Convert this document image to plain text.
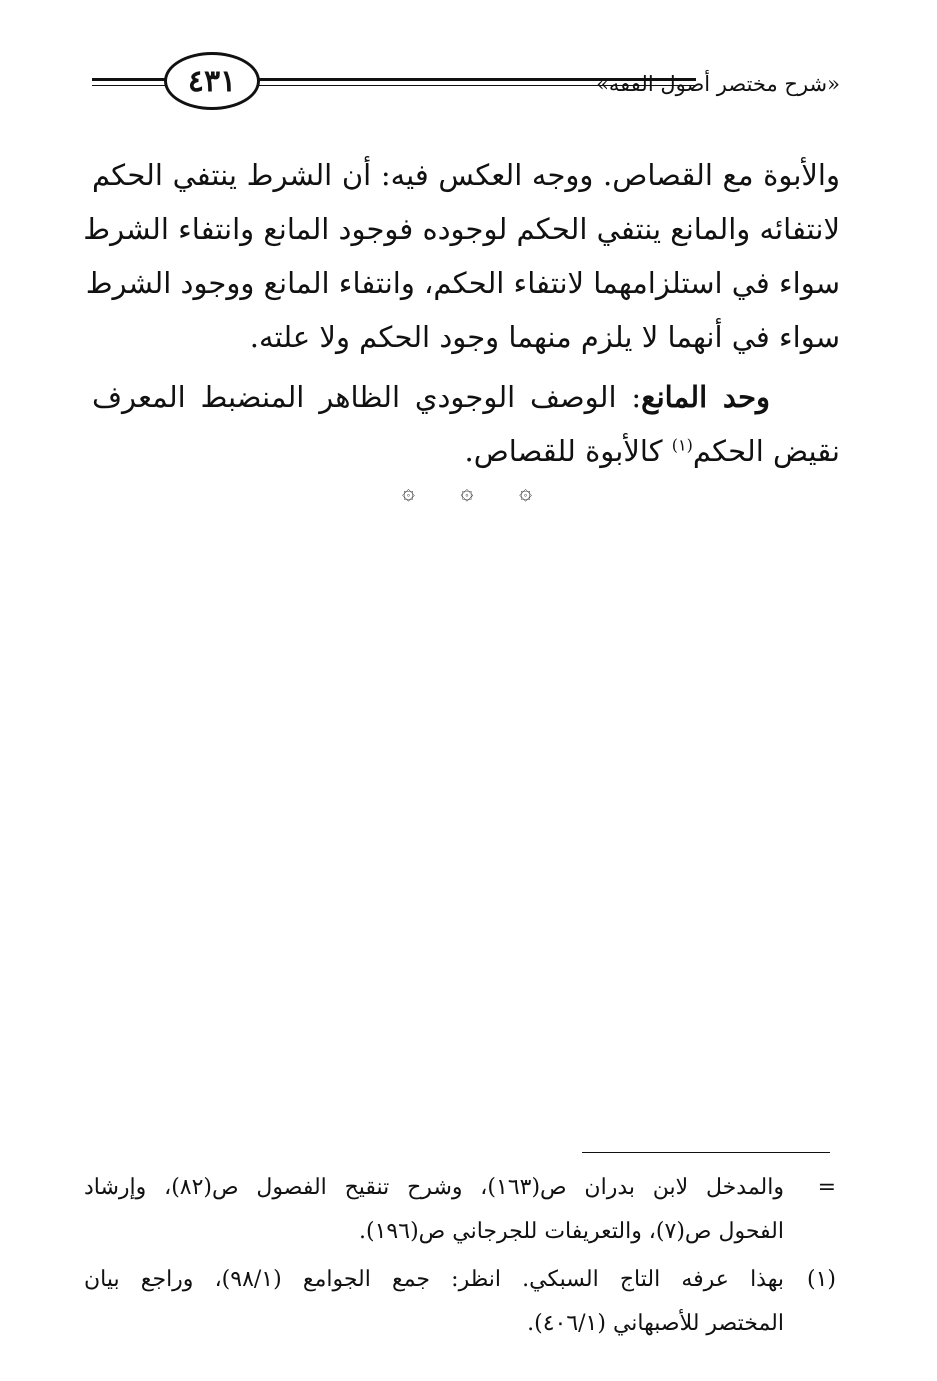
«شرح مختصر أصول الفقه»
٤٣١
والأبوة مع القصاص. ووجه العكس فيه: أن الشرط ينتفي الحكم
لانتفائه والمانع ينتفي الحكم لوجوده فوجود المانع وانتفاء الشرط
سواء في استلزامهما لانتفاء الحكم، وانتفاء المانع ووجود الشرط
سواء في أنهما لا يلزم منهما وجود الحكم ولا علته.
وحد المانع: الوصف الوجودي الظاهر المنضبط المعرف
نقيض الحكم$^{(١)}$ كالأبوة للقصاص.
۞ ۞ ۞
=
والمدخل لابن بدران ص(١٦٣)، وشرح تنقيح الفصول ص(٨٢)، وإرشاد
الفحول ص(٧)، والتعريفات للجرجاني ص(١٩٦).
(١)
بهذا عرفه التاج السبكي. انظر: جمع الجوامع (٩٨/١)، وراجع بيان
المختصر للأصبهاني (٤٠٦/١).
